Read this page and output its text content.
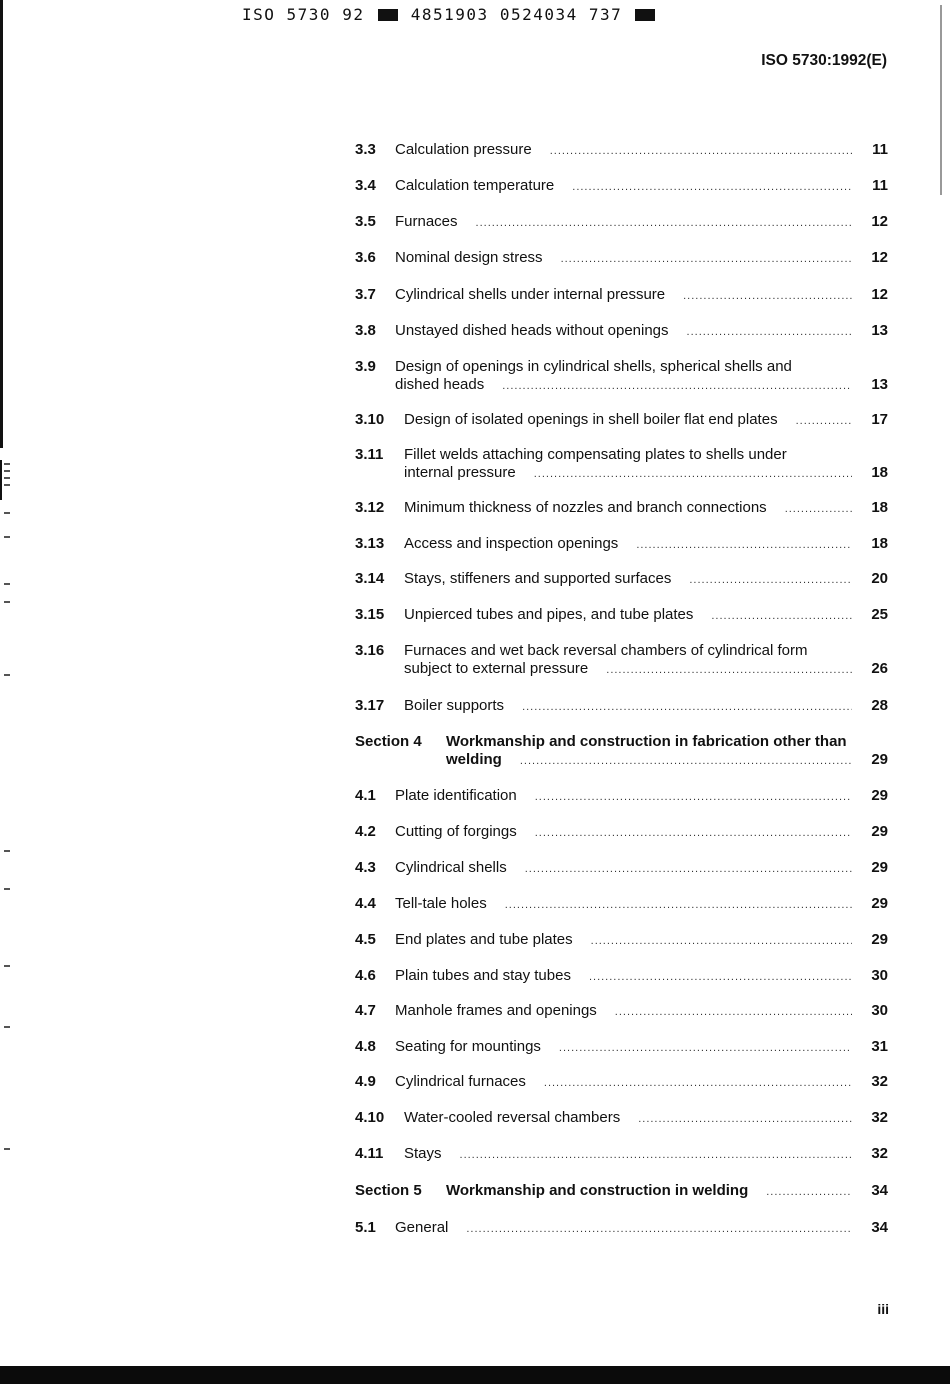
ISO 5730 92	4851903 0524034 737
ISO 5730:1992(E)
3.3 Calculation pressure .....	11
3.4 Calculation temperature .....	11
3.5 Furnaces .....	12
3.6 Nominal design stress .....	12
3.7 Cylindrical shells under internal pressure .....	12
3.8 Unstayed dished heads without openings .....	13
3.9 Design of openings in cylindrical shells, spherical shells and
dished heads .....	13
3.10 Design of isolated openings in shell boiler flat end plates .....	17
3.11 Fillet welds attaching compensating plates to shells under
internal pressure .....	18
3.12 Minimum thickness of nozzles and branch connections .....	18
3.13 Access and inspection openings .....	18
3.14 Stays, stiffeners and supported surfaces .....	20
3.15 Unpierced tubes and pipes, and tube plates .....	25
3.16 Furnaces and wet back reversal chambers of cylindrical form
subject to external pressure .....	26
3.17 Boiler supports .....	28
Section 4 Workmanship and construction in fabrication other than
welding .....	29
4.1 Plate identification .....	29
4.2 Cutting of forgings .....	29
4.3 Cylindrical shells .....	29
4.4 Tell-tale holes .....	29
4.5 End plates and tube plates .....	29
4.6 Plain tubes and stay tubes .....	30
4.7 Manhole frames and openings .....	30
4.8 Seating for mountings .....	31
4.9 Cylindrical furnaces .....	32
4.10 Water-cooled reversal chambers .....	32
4.11 Stays .....	32
Section 5 Workmanship and construction in welding .....	34
5.1 General .....	34
iii
